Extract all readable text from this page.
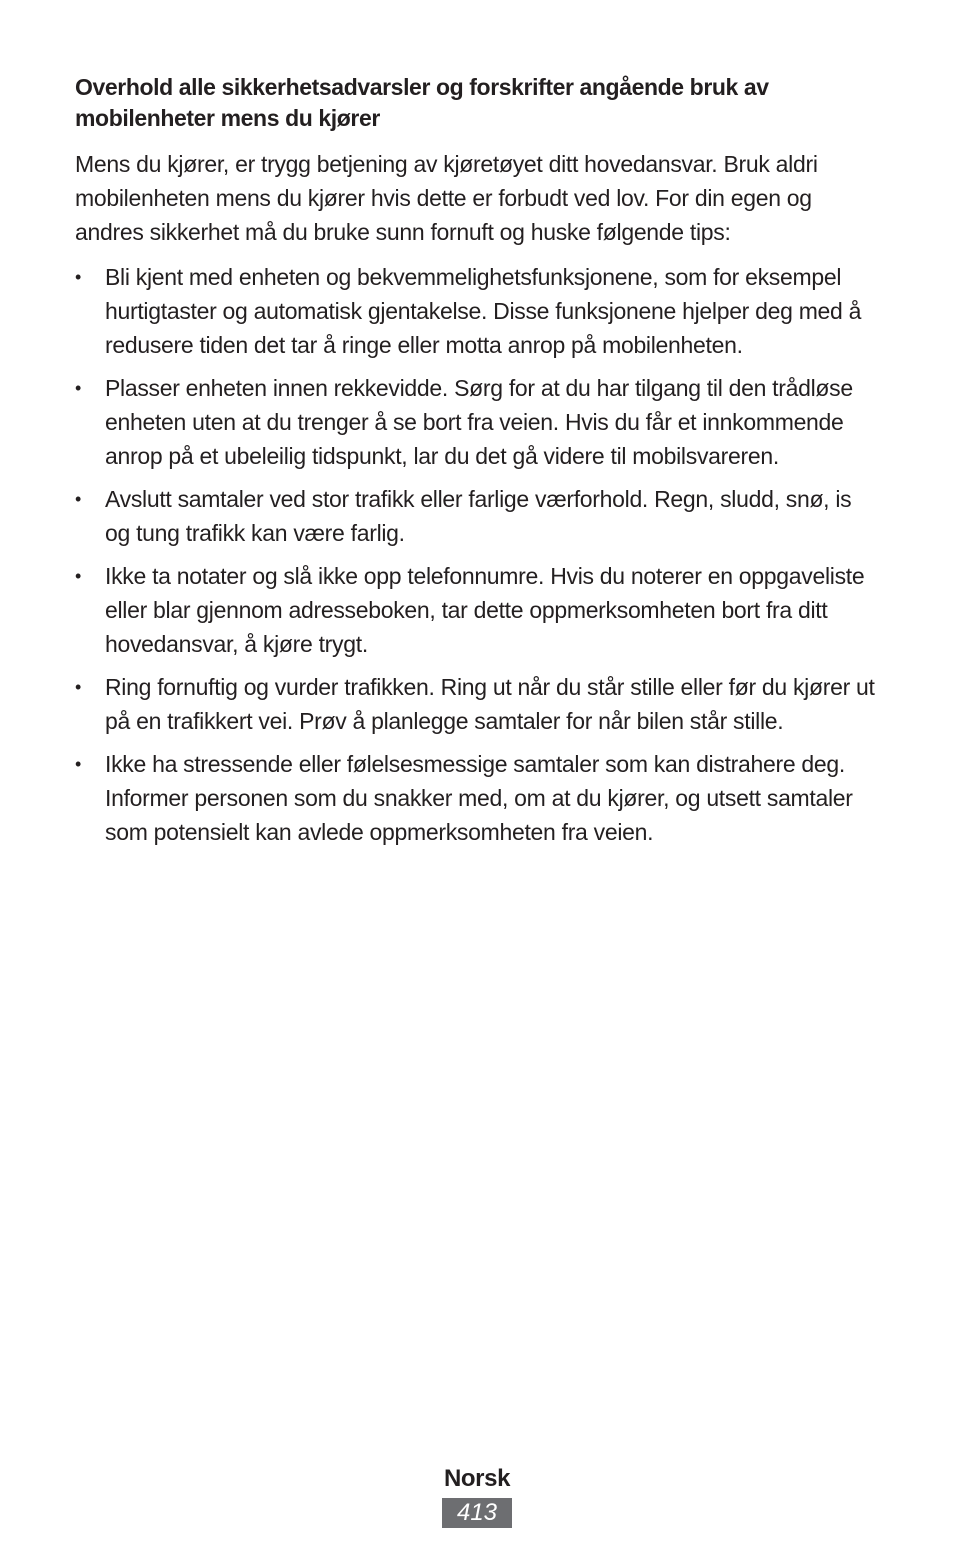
Overhold alle sikkerhetsadvarsler og forskrifter angående bruk av mobilenheter mens du kjører

Mens du kjører, er trygg betjening av kjøretøyet ditt hovedansvar. Bruk aldri mobilenheten mens du kjører hvis dette er forbudt ved lov. For din egen og andres sikkerhet må du bruke sunn fornuft og huske følgende tips:

• Bli kjent med enheten og bekvemmelighetsfunksjonene, som for eksempel hurtigtaster og automatisk gjentakelse. Disse funksjonene hjelper deg med å redusere tiden det tar å ringe eller motta anrop på mobilenheten.
• Plasser enheten innen rekkevidde. Sørg for at du har tilgang til den trådløse enheten uten at du trenger å se bort fra veien. Hvis du får et innkommende anrop på et ubeleilig tidspunkt, lar du det gå videre til mobilsvareren.
• Avslutt samtaler ved stor trafikk eller farlige værforhold. Regn, sludd, snø, is og tung trafikk kan være farlig.
• Ikke ta notater og slå ikke opp telefonnumre. Hvis du noterer en oppgaveliste eller blar gjennom adresseboken, tar dette oppmerksomheten bort fra ditt hovedansvar, å kjøre trygt.
• Ring fornuftig og vurder trafikken. Ring ut når du står stille eller før du kjører ut på en trafikkert vei. Prøv å planlegge samtaler for når bilen står stille.
• Ikke ha stressende eller følelsesmessige samtaler som kan distrahere deg. Informer personen som du snakker med, om at du kjører, og utsett samtaler som potensielt kan avlede oppmerksomheten fra veien.
Norsk
413
